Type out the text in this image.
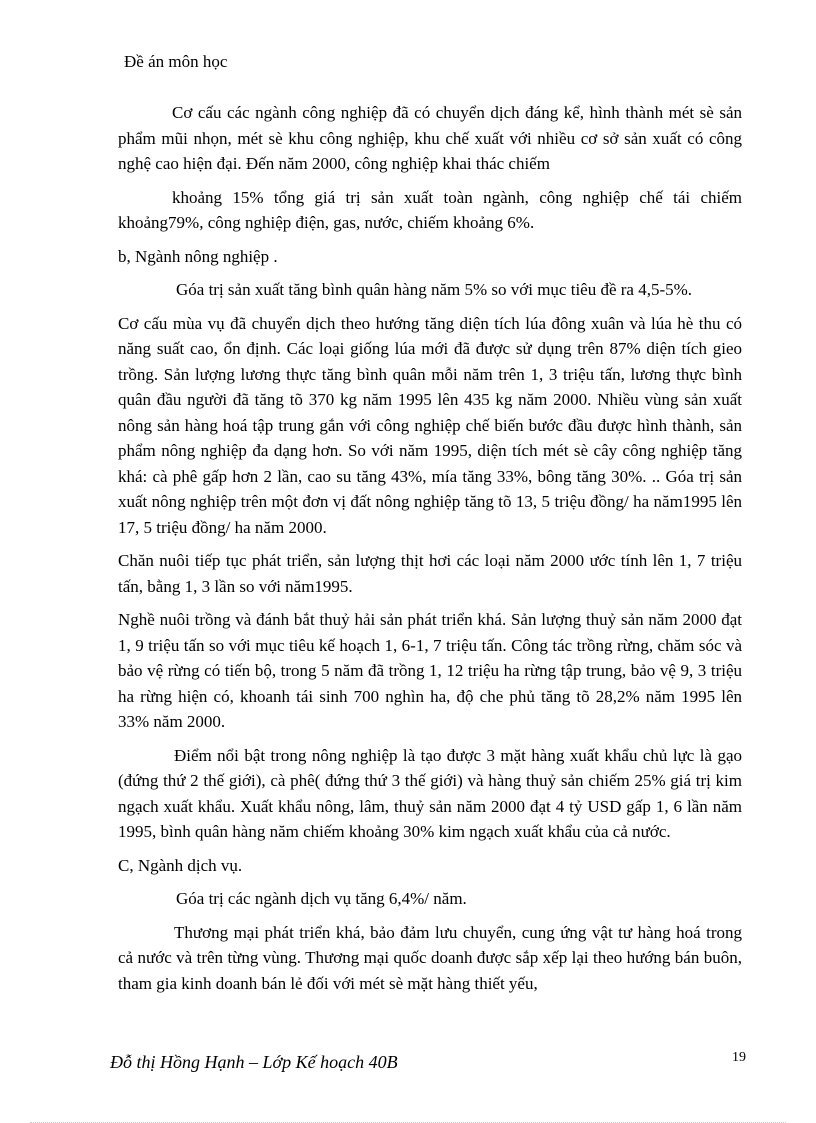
Đề án môn học

Cơ cấu các ngành công nghiệp đã có chuyển dịch đáng kể, hình thành mét sè sản phẩm mũi nhọn, mét sè khu công nghiệp, khu chế xuất với nhiều cơ sở sản xuất có công nghệ cao hiện đại. Đến năm 2000, công nghiệp khai thác chiếm

khoảng 15% tổng giá trị sản xuất toàn ngành, công nghiệp chế tái chiếm khoảng79%, công nghiệp điện, gas, nước, chiếm khoảng 6%.

b, Ngành nông nghiệp .

Góa trị sản xuất tăng bình quân hàng năm 5% so với mục tiêu đề ra 4,5-5%.

Cơ cấu mùa vụ đã chuyển dịch theo hướng tăng diện tích lúa đông xuân và lúa hè thu có năng suất cao, ổn định. Các loại giống lúa mới đã được sử dụng trên 87% diện tích gieo trồng. Sản lượng lương thực tăng bình quân mỗi năm trên 1, 3 triệu tấn, lương thực bình quân đầu người đã tăng tõ 370 kg năm 1995 lên 435 kg năm 2000. Nhiều vùng sản xuất nông sản hàng hoá tập trung gắn với công nghiệp chế biến bước đầu được hình thành, sản phẩm nông nghiệp đa dạng hơn. So với năm 1995, diện tích mét sè cây công nghiệp tăng khá: cà phê gấp hơn 2 lần, cao su tăng 43%, mía tăng 33%, bông tăng 30%. .. Góa trị sản xuất nông nghiệp trên một đơn vị đất nông nghiệp tăng tõ 13, 5 triệu đồng/ ha năm1995 lên 17, 5 triệu đồng/ ha năm 2000.

Chăn nuôi tiếp tục phát triển, sản lượng thịt hơi các loại năm 2000 ước tính lên 1, 7 triệu tấn, bằng 1, 3 lần so với năm1995.

Nghề nuôi trồng và đánh bắt thuỷ hải sản phát triển khá. Sản lượng thuỷ sản năm 2000 đạt 1, 9 triệu tấn so với mục tiêu kế hoạch 1, 6-1, 7 triệu tấn. Công tác trồng rừng, chăm sóc và bảo vệ rừng có tiến bộ, trong 5 năm đã trồng 1, 12 triệu ha rừng tập trung, bảo vệ 9, 3 triệu ha rừng hiện có, khoanh tái sinh 700 nghìn ha, độ che phủ tăng tõ 28,2% năm 1995 lên 33% năm 2000.

Điểm nổi bật trong nông nghiệp là tạo được 3 mặt hàng xuất khẩu chủ lực là gạo (đứng thứ 2 thế giới), cà phê( đứng thứ 3 thế giới) và hàng thuỷ sản chiếm 25% giá trị kim ngạch xuất khẩu. Xuất khẩu nông, lâm, thuỷ sản năm 2000 đạt 4 tỷ USD gấp 1, 6 lần năm 1995, bình quân hàng năm chiếm khoảng 30% kim ngạch xuất khẩu của cả nước.

C, Ngành dịch vụ.

Góa trị các ngành dịch vụ tăng 6,4%/ năm.

Thương mại phát triển khá, bảo đảm lưu chuyển, cung ứng vật tư hàng hoá trong cả nước và trên từng vùng. Thương mại quốc doanh được sắp xếp lại theo hướng bán buôn, tham gia kinh doanh bán lẻ đối với mét sè mặt hàng thiết yếu,

Đỗ thị Hồng Hạnh – Lớp Kế hoạch 40B	19
